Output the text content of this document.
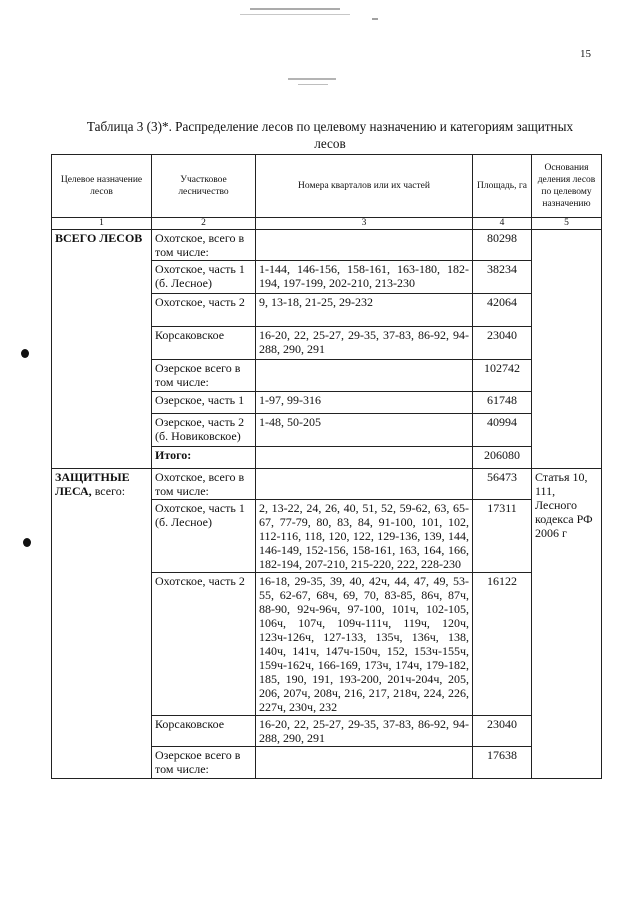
15
Таблица 3 (3)*. Распределение лесов по целевому назначению и категориям защитных лесов
Целевое назначение лесов	Участковое лесничество	Номера кварталов или их частей	Площадь, га	Основания деления лесов по целевому назначению
1	2	3	4	5
ВСЕГО ЛЕСОВ	Охотское, всего в том числе:		80298	
	Охотское, часть 1 (б. Лесное)	1-144, 146-156, 158-161, 163-180, 182-194, 197-199, 202-210, 213-230	38234	
	Охотское, часть 2	9, 13-18, 21-25, 29-232	42064	
	Корсаковское	16-20, 22, 25-27, 29-35, 37-83, 86-92, 94-288, 290, 291	23040	
	Озерское всего в том числе:		102742	
	Озерское, часть 1	1-97, 99-316	61748	
	Озерское, часть 2 (б. Новиковское)	1-48, 50-205	40994	
	Итого:		206080	
ЗАЩИТНЫЕ ЛЕСА, всего:	Охотское, всего в том числе:		56473	Статья 10, 111, Лесного кодекса РФ 2006 г
	Охотское, часть 1 (б. Лесное)	2, 13-22, 24, 26, 40, 51, 52, 59-62, 63, 65-67, 77-79, 80, 83, 84, 91-100, 101, 102, 112-116, 118, 120, 122, 129-136, 139, 144, 146-149, 152-156, 158-161, 163, 164, 166, 182-194, 207-210, 215-220, 222, 228-230	17311	
	Охотское, часть 2	16-18, 29-35, 39, 40, 42ч, 44, 47, 49, 53-55, 62-67, 68ч, 69, 70, 83-85, 86ч, 87ч, 88-90, 92ч-96ч, 97-100, 101ч, 102-105, 106ч, 107ч, 109ч-111ч, 119ч, 120ч, 123ч-126ч, 127-133, 135ч, 136ч, 138, 140ч, 141ч, 147ч-150ч, 152, 153ч-155ч, 159ч-162ч, 166-169, 173ч, 174ч, 179-182, 185, 190, 191, 193-200, 201ч-204ч, 205, 206, 207ч, 208ч, 216, 217, 218ч, 224, 226, 227ч, 230ч, 232	16122	
	Корсаковское	16-20, 22, 25-27, 29-35, 37-83, 86-92, 94-288, 290, 291	23040	
	Озерское всего в том числе:		17638	
